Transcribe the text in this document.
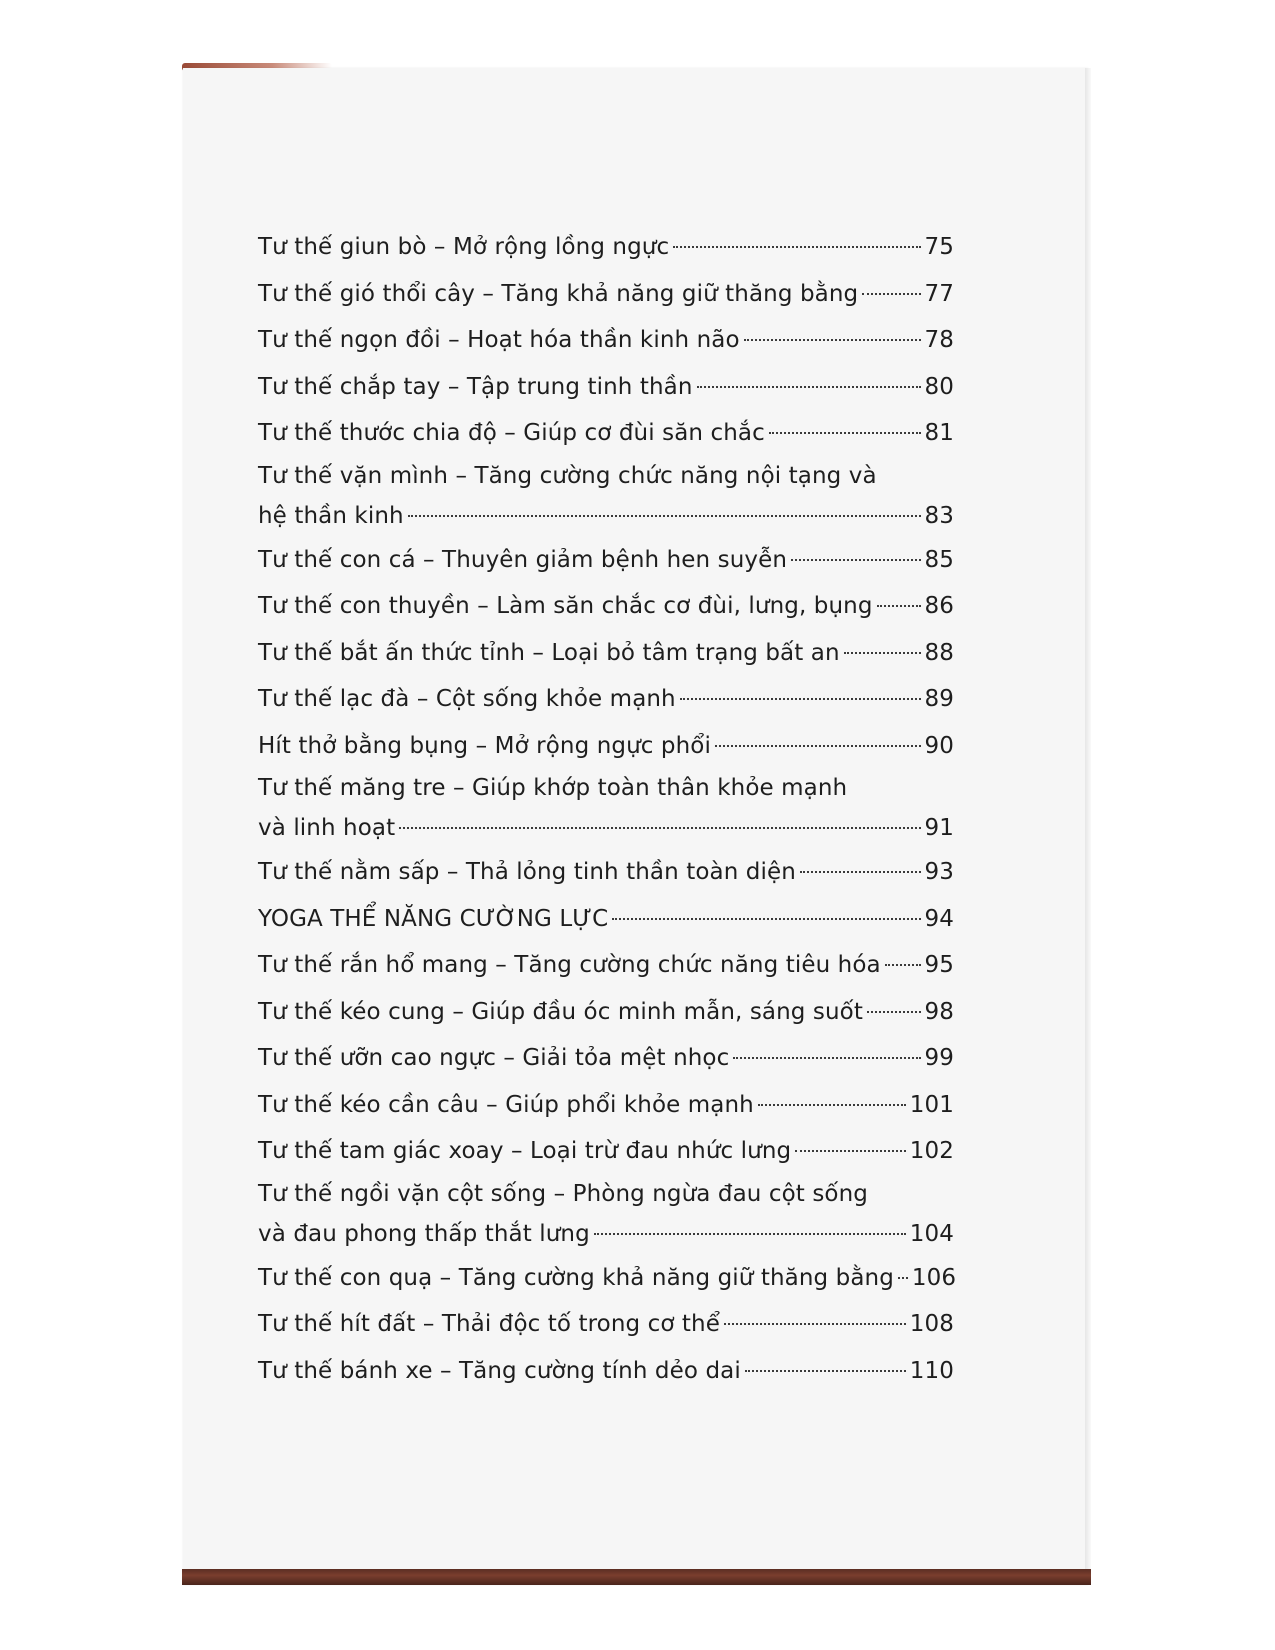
Tư thế giun bò – Mở rộng lồng ngực	75
Tư thế gió thổi cây – Tăng khả năng giữ thăng bằng	77
Tư thế ngọn đồi – Hoạt hóa thần kinh não	78
Tư thế chắp tay – Tập trung tinh thần	80
Tư thế thước chia độ – Giúp cơ đùi săn chắc	81
Tư thế vặn mình – Tăng cường chức năng nội tạng và
hệ thần kinh	83
Tư thế con cá – Thuyên giảm bệnh hen suyễn	85
Tư thế con thuyền – Làm săn chắc cơ đùi, lưng, bụng 86
Tư thế bắt ấn thức tỉnh – Loại bỏ tâm trạng bất an	88
Tư thế lạc đà – Cột sống khỏe mạnh	89
Hít thở bằng bụng – Mở rộng ngực phổi	90
Tư thế măng tre – Giúp khớp toàn thân khỏe mạnh
và linh hoạt	91
Tư thế nằm sấp – Thả lỏng tinh thần toàn diện	93
YOGA THỂ NĂNG CƯỜNG LỰC	94
Tư thế rắn hổ mang – Tăng cường chức năng tiêu hóa 95
Tư thế kéo cung – Giúp đầu óc minh mẫn, sáng suốt	98
Tư thế ưỡn cao ngực – Giải tỏa mệt nhọc	99
Tư thế kéo cần câu – Giúp phổi khỏe mạnh	101
Tư thế tam giác xoay – Loại trừ đau nhức lưng	102
Tư thế ngồi vặn cột sống – Phòng ngừa đau cột sống
và đau phong thấp thắt lưng	104
Tư thế con quạ – Tăng cường khả năng giữ thăng bằng 106
Tư thế hít đất – Thải độc tố trong cơ thể	108
Tư thế bánh xe – Tăng cường tính dẻo dai	110
